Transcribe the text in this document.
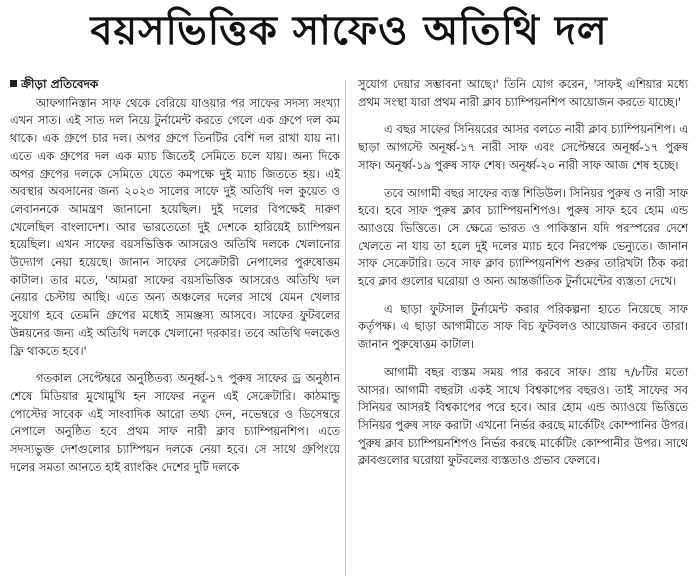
বয়সভিত্তিক সাফেও অতিথি দল
ক্রীড়া প্রতিবেদক

আফগানিস্তান সাফ থেকে বেরিয়ে যাওয়ার পর সাফের সদস্য সংখ্যা এখন সাত। এই সাত দল নিয়ে টুর্নামেন্ট করতে গেলে এক গ্রুপে দল কম থাকে। এক গ্রুপে চার দল। অপর গ্রুপে তিনটির বেশি দল রাখা যায় না। এতে এক গ্রুপের দল এক ম্যাচ জিতেই সেমিতে চলে যায়। অন্য দিকে অপর গ্রুপের দলকে সেমিতে যেতে কমপক্ষে দুই ম্যাচ জিততে হয়। এই অবস্থার অবসানের জন্য ২০২৩ সালের সাফে দুই অতিথি দল কুয়েত ও লেবাননকে আমন্ত্রণ জানানো হয়েছিল। দুই দলের বিপক্ষেই দারুণ খেলেছিল বাংলাদেশ। আর ভারতেতো দুই দেশকে হারিয়েই চ্যাম্পিয়ন হয়েছিল। এখন সাফের বয়সভিত্তিক আসরেও অতিথি দলকে খেলানোর উদ্যোগ নেয়া হয়েছে। জানান সাফের সেক্রেটারী নেপালের পুরুষোত্তম কাটাল। তার মতে, 'আমরা সাফের বয়সভিত্তিক আসরেও অতিথি দল নেয়ার চেস্টায় আছি। এতে অন্য অঞ্চলের দলের সাথে যেমন খেলার সুযোগ হবে তেমনি গ্রুপের মধ্যেই সামঞ্জস্য আসবে। সাফের ফুটবলের উন্নয়নের জন্য এই অতিথি দলকে খেলানো দরকার। তবে অতিথি দলকেও ফ্রি থাকতে হবে।'

গতকাল সেপ্টেম্বরে অনুষ্ঠিতব্য অনূর্ধ্ব-১৭ পুরুষ সাফের ড্র অনুষ্ঠান শেষে মিডিয়ার মুখোমুখি হন সাফের নতুন এই সেক্রেটারি। কাঠমান্ডু পোস্টের সাবেক এই সাংবাদিক আরো তথ্য দেন, নভেম্বরে ও ডিসেম্বরে নেপালে অনুষ্ঠিত হবে প্রথম সাফ নারী ক্লাব চ্যাম্পিয়নশিপ। এতে সদস্যভুক্ত দেশগুলোর চ্যাম্পিয়ন দলকে নেয়া হবে। সে সাথে গ্রুপিংয়ে দলের সমতা আনতে হাই র‍্যাংকিং দেশের দুটি দলকে

সুযোগ দেয়ার সম্ভাবনা আছে।' তিনি যোগ করেন, 'সাফই এশিয়ার মধ্যে প্রথম সংস্থা যারা প্রথম নারী ক্লাব চ্যাম্পিয়নশিপ আয়োজন করতে যাচ্ছে।'

এ বছর সাফের সিনিয়রের আসর বলতে নারী ক্লাব চ্যাম্পিয়নশিপ। এ ছাড়া আগস্টে অনূর্ধ্ব-১৭ নারী সাফ এবং সেপ্টেম্বরে অনূর্ধ্ব-১৭ পুরুষ সাফ। অনূর্ধ্ব-১৯ পুরুষ সাফ শেষ। অনূর্ধ্ব-২০ নারী সাফ আজ শেষ হচ্ছে।

তবে আগামী বছর সাফের ব্যস্ত শিডিউল। সিনিয়র পুরুষ ও নারী সাফ হবে। হবে সাফ পুরুষ ক্লাব চ্যাম্পিয়নশিপও। পুরুষ সাফ হবে হোম এন্ড অ্যাওয়ে ভিত্তিতে। সে ক্ষেত্রে ভারত ও পাকিস্তান যদি পরস্পরের দেশে খেলতে না যায় তা হলে দুই দলের ম্যাচ হবে নিরপেক্ষ ভেন্যুতে। জানান সাফ সেক্রেটারি। তবে সাফ ক্লাব চ্যাম্পিয়নশিপ শুরুর তারিখটা ঠিক করা হবে ক্লাব গুলোর ঘরোয়া ও অন্য আন্তর্জাতিক টুর্নামেন্টের ব্যস্ততা দেখে।

এ ছাড়া ফুটসাল টুর্নামেন্ট করার পরিকল্পনা হাতে নিয়েছে সাফ কর্তৃপক্ষ। এ ছাড়া আগামীতে সাফ বিচ ফুটবলও আয়োজন করবে তারা। জানান পুরুষোত্তম কাটাল।

আগামী বছর ব্যস্তম সময় পার করবে সাফ। প্রায় ৭/৮টির মতো আসর। আগামী বছরটা একই সাথে বিশ্বকাপের বছরও। তাই সাফের সব সিনিয়র আসরই বিশ্বকাপের পরে হবে। আর হোম এন্ড অ্যাওয়ে ভিত্তিতে সিনিয়র পুরুষ সাফ করাটা এখনো নির্ভর করছে মার্কেটিং কোম্পানির উপর। পুরুষ ক্লাব চ্যাম্পিয়নশিপও নির্ভর করছে মার্কেটিং কোম্পানীর উপর। সাথে ক্লাবগুলোর ঘরোয়া ফুটবলের ব্যস্ততাও প্রভাব ফেলবে।
